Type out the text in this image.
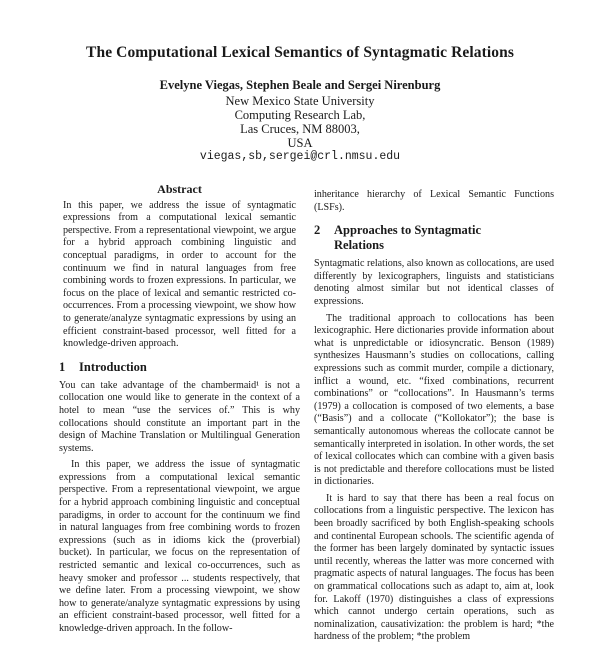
The Computational Lexical Semantics of Syntagmatic Relations
Evelyne Viegas, Stephen Beale and Sergei Nirenburg
New Mexico State University
Computing Research Lab,
Las Cruces, NM 88003,
USA
viegas,sb,sergei@crl.nmsu.edu
Abstract

In this paper, we address the issue of syntagmatic expressions from a computational lexical semantic perspective. From a representational viewpoint, we argue for a hybrid approach combining linguistic and conceptual paradigms, in order to account for the continuum we find in natural languages from free combining words to frozen expressions. In particular, we focus on the place of lexical and semantic restricted co-occurrences. From a processing viewpoint, we show how to generate/analyze syntagmatic expressions by using an efficient constraint-based processor, well fitted for a knowledge-driven approach.

1 Introduction

You can take advantage of the chambermaid¹ is not a collocation one would like to generate in the context of a hotel to mean “use the services of.” This is why collocations should constitute an important part in the design of Machine Translation or Multilingual Generation systems.

In this paper, we address the issue of syntagmatic expressions from a computational lexical semantic perspective. From a representational viewpoint, we argue for a hybrid approach combining linguistic and conceptual paradigms, in order to account for the continuum we find in natural languages from free combining words to frozen expressions (such as in idioms kick the (proverbial) bucket). In particular, we focus on the representation of restricted semantic and lexical co-occurrences, such as heavy smoker and professor ... students respectively, that we define later. From a processing viewpoint, we show how to generate/analyze syntagmatic expressions by using an efficient constraint-based processor, well fitted for a knowledge-driven approach. In the follow-

inheritance hierarchy of Lexical Semantic Functions (LSFs).

2 Approaches to Syntagmatic
Relations

Syntagmatic relations, also known as collocations, are used differently by lexicographers, linguists and statisticians denoting almost similar but not identical classes of expressions.

The traditional approach to collocations has been lexicographic. Here dictionaries provide information about what is unpredictable or idiosyncratic. Benson (1989) synthesizes Hausmann’s studies on collocations, calling expressions such as commit murder, compile a dictionary, inflict a wound, etc. “fixed combinations, recurrent combinations” or “collocations”. In Hausmann’s terms (1979) a collocation is composed of two elements, a base (“Basis”) and a collocate (“Kollokator”); the base is semantically autonomous whereas the collocate cannot be semantically interpreted in isolation. In other words, the set of lexical collocates which can combine with a given basis is not predictable and therefore collocations must be listed in dictionaries.

It is hard to say that there has been a real focus on collocations from a linguistic perspective. The lexicon has been broadly sacrificed by both English-speaking schools and continental European schools. The scientific agenda of the former has been largely dominated by syntactic issues until recently, whereas the latter was more concerned with pragmatic aspects of natural languages. The focus has been on grammatical collocations such as adapt to, aim at, look for. Lakoff (1970) distinguishes a class of expressions which cannot undergo certain operations, such as nominalization, causativization: the problem is hard; *the hardness of the problem; *the problem
